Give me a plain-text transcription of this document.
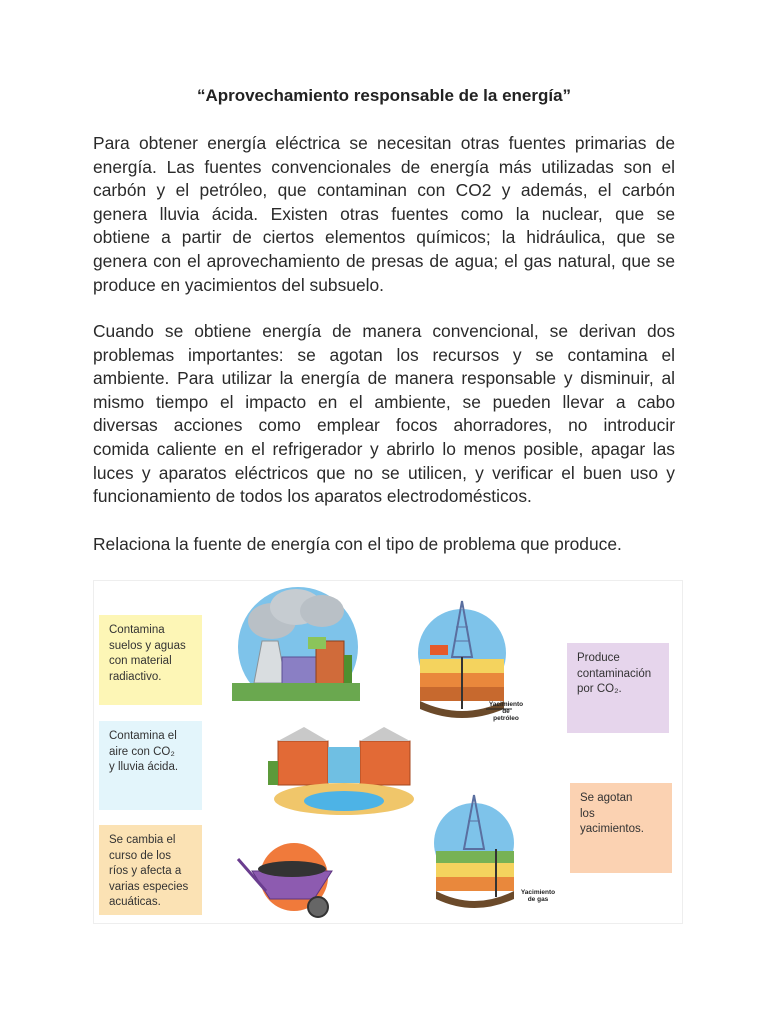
“Aprovechamiento responsable de la energía”
Para obtener energía eléctrica se necesitan otras fuentes primarias de
energía. Las fuentes convencionales de energía más utilizadas son el
carbón y el petróleo, que contaminan con CO2 y además, el carbón
genera lluvia ácida. Existen otras fuentes como la nuclear, que se
obtiene a partir de ciertos elementos químicos; la hidráulica, que se
genera con el aprovechamiento de presas de agua; el gas natural, que se
produce en yacimientos del subsuelo.
Cuando se obtiene energía de manera convencional, se derivan dos
problemas importantes: se agotan los recursos y se contamina el
ambiente. Para utilizar la energía de manera responsable y disminuir, al
mismo tiempo el impacto en el ambiente, se pueden llevar a cabo
diversas acciones como emplear focos ahorradores, no introducir
comida caliente en el refrigerador y abrirlo lo menos posible, apagar las
luces y aparatos eléctricos que no se utilicen, y verificar el buen uso y
funcionamiento de todos los aparatos electrodomésticos.
Relaciona la fuente de energía con el tipo de problema que produce.
Contamina
suelos y aguas
con material
radiactivo.
Contamina el
aire con CO₂
y lluvia ácida.
Se cambia el
curso de los
ríos y afecta a
varias especies
acuáticas.
Produce
contaminación
por CO₂.
Se agotan
los
yacimientos.
Yacimiento
de
petróleo
Yacimiento
de gas
